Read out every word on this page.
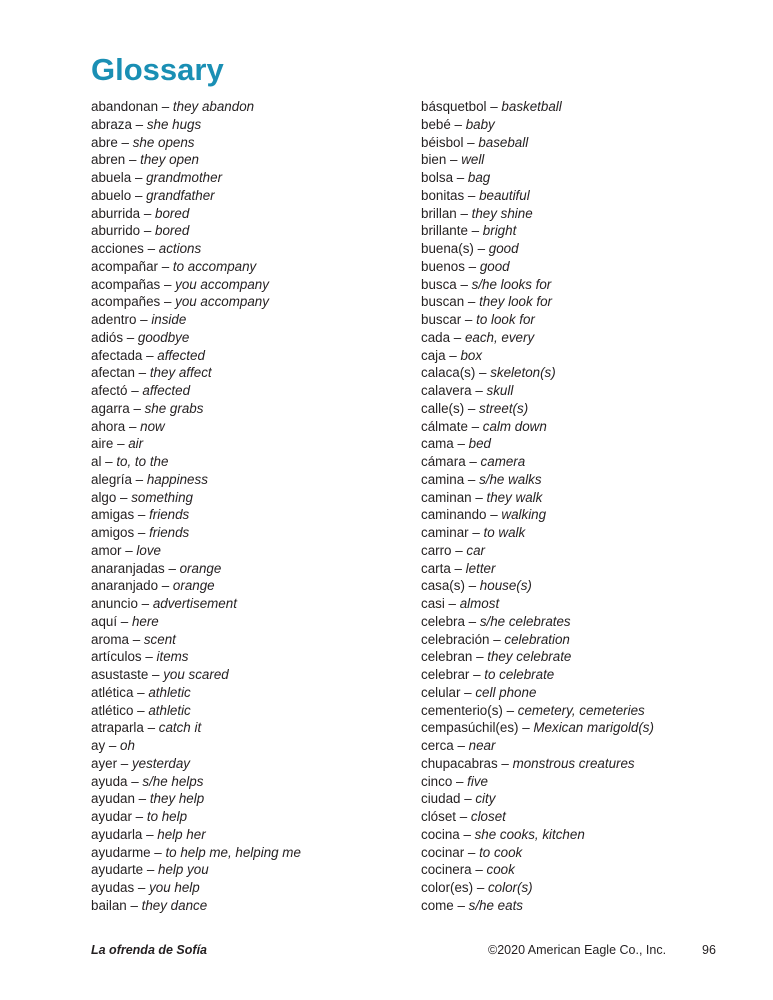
Glossary
abandonan – they abandon
abraza – she hugs
abre – she opens
abren – they open
abuela – grandmother
abuelo – grandfather
aburrida – bored
aburrido – bored
acciones – actions
acompañar – to accompany
acompañas – you accompany
acompañes – you accompany
adentro – inside
adiós – goodbye
afectada – affected
afectan – they affect
afectó – affected
agarra – she grabs
ahora – now
aire – air
al – to, to the
alegría – happiness
algo – something
amigas – friends
amigos – friends
amor – love
anaranjadas – orange
anaranjado – orange
anuncio – advertisement
aquí – here
aroma – scent
artículos – items
asustaste – you scared
atlética – athletic
atlético – athletic
atraparla – catch it
ay – oh
ayer – yesterday
ayuda – s/he helps
ayudan – they help
ayudar – to help
ayudarla – help her
ayudarme – to help me, helping me
ayudarte – help you
ayudas – you help
bailan – they dance
básquetbol – basketball
bebé – baby
béisbol – baseball
bien – well
bolsa – bag
bonitas – beautiful
brillan – they shine
brillante – bright
buena(s) – good
buenos – good
busca – s/he looks for
buscan – they look for
buscar – to look for
cada – each, every
caja – box
calaca(s) – skeleton(s)
calavera – skull
calle(s) – street(s)
cálmate – calm down
cama – bed
cámara – camera
camina – s/he walks
caminan – they walk
caminando – walking
caminar – to walk
carro – car
carta – letter
casa(s) – house(s)
casi – almost
celebra – s/he celebrates
celebración – celebration
celebran – they celebrate
celebrar – to celebrate
celular – cell phone
cementerio(s) – cemetery, cemeteries
cempasúchil(es) – Mexican marigold(s)
cerca – near
chupacabras – monstrous creatures
cinco – five
ciudad – city
clóset – closet
cocina – she cooks, kitchen
cocinar – to cook
cocinera – cook
color(es) – color(s)
come – s/he eats
La ofrenda de Sofía	©2020 American Eagle Co., Inc.	96
